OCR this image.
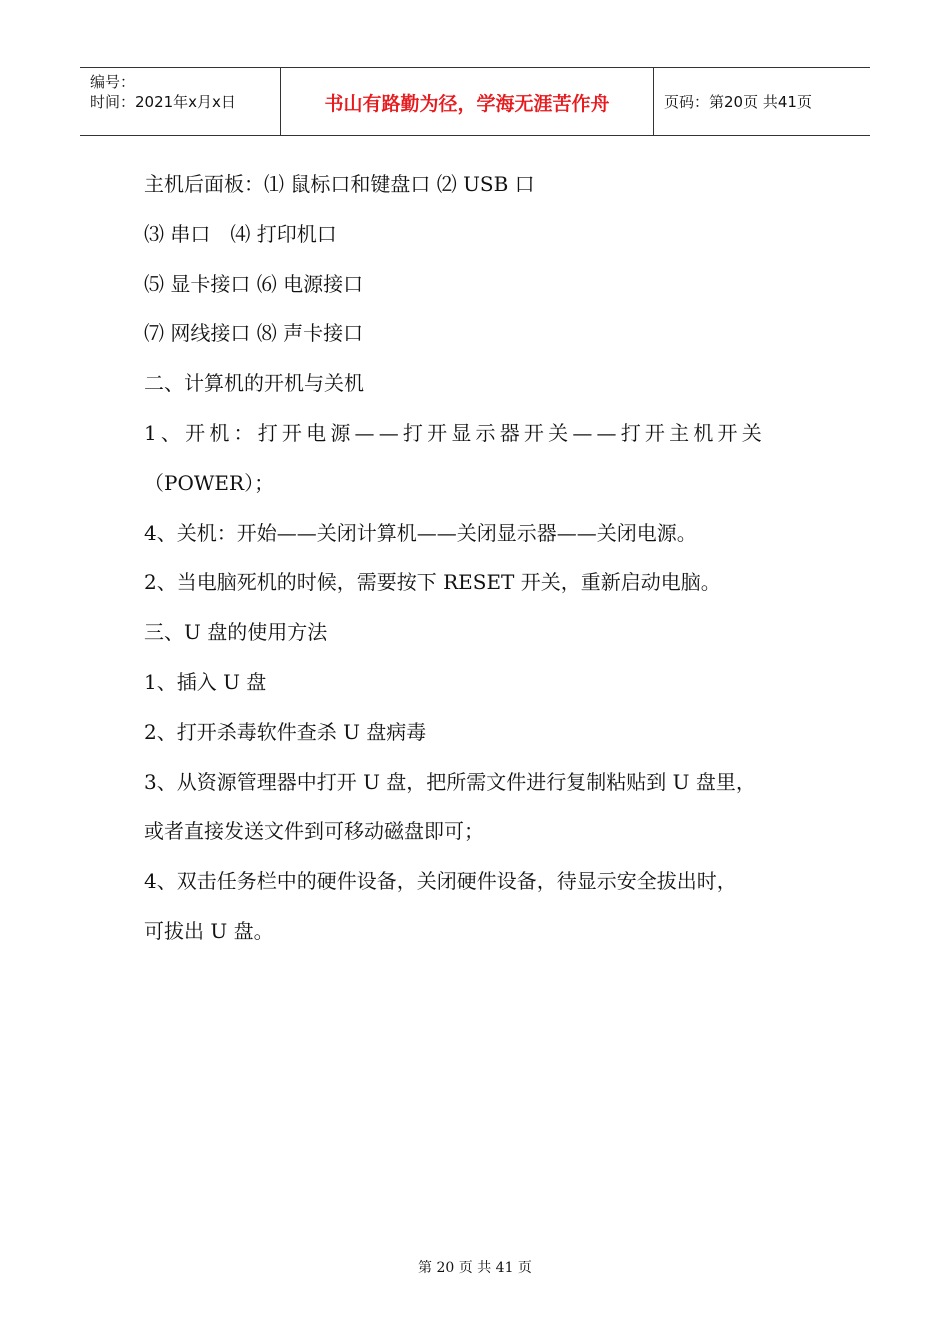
编号：
时间：2021年x月x日	书山有路勤为径，学海无涯苦作舟	页码：第20页 共41页

主机后面板：⑴ 鼠标口和键盘口 ⑵ USB 口

⑶ 串口　⑷ 打印机口

⑸ 显卡接口 ⑹ 电源接口

⑺ 网线接口 ⑻ 声卡接口

二、计算机的开机与关机

1、开机：打开电源——打开显示器开关——打开主机开关

（POWER）；

4、关机：开始——关闭计算机——关闭显示器——关闭电源。

2、当电脑死机的时候，需要按下 RESET 开关，重新启动电脑。

三、U 盘的使用方法

1、插入 U 盘

2、打开杀毒软件查杀 U 盘病毒

3、从资源管理器中打开 U 盘，把所需文件进行复制粘贴到 U 盘里，

或者直接发送文件到可移动磁盘即可；

4、双击任务栏中的硬件设备，关闭硬件设备，待显示安全拔出时，

可拔出 U 盘。

第 20 页 共 41 页
